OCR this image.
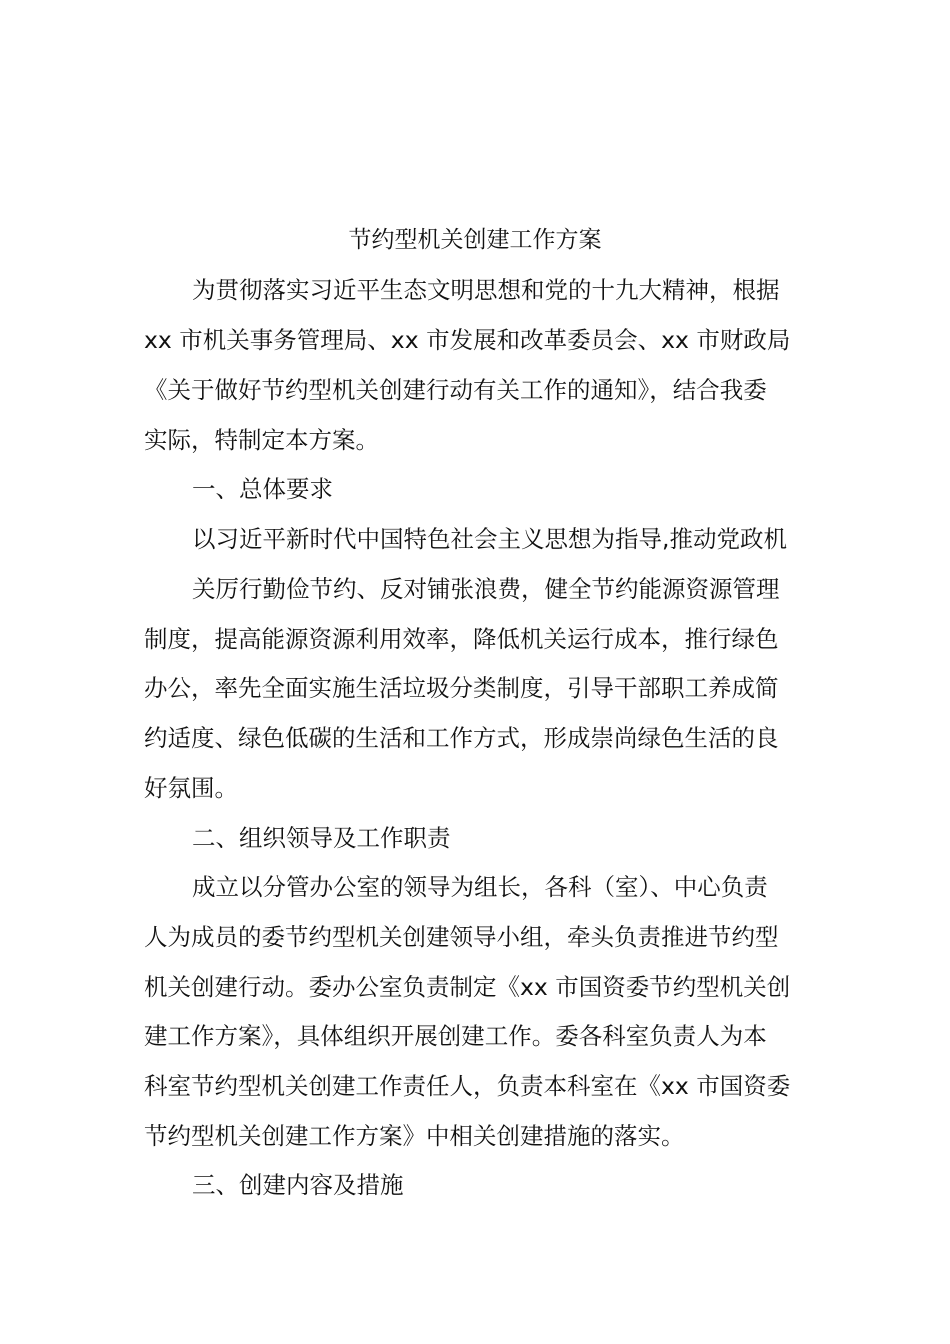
节约型机关创建工作方案
为贯彻落实习近平生态文明思想和党的十九大精神，根据
xx 市机关事务管理局、xx 市发展和改革委员会、xx 市财政局
《关于做好节约型机关创建行动有关工作的通知》，结合我委
实际，特制定本方案。
一、总体要求
以习近平新时代中国特色社会主义思想为指导,推动党政机
关厉行勤俭节约、反对铺张浪费，健全节约能源资源管理
制度，提高能源资源利用效率，降低机关运行成本，推行绿色
办公，率先全面实施生活垃圾分类制度，引导干部职工养成简
约适度、绿色低碳的生活和工作方式，形成崇尚绿色生活的良
好氛围。
二、组织领导及工作职责
成立以分管办公室的领导为组长，各科（室）、中心负责
人为成员的委节约型机关创建领导小组，牵头负责推进节约型
机关创建行动。委办公室负责制定《xx 市国资委节约型机关创
建工作方案》，具体组织开展创建工作。委各科室负责人为本
科室节约型机关创建工作责任人，负责本科室在《xx 市国资委
节约型机关创建工作方案》中相关创建措施的落实。
三、创建内容及措施
